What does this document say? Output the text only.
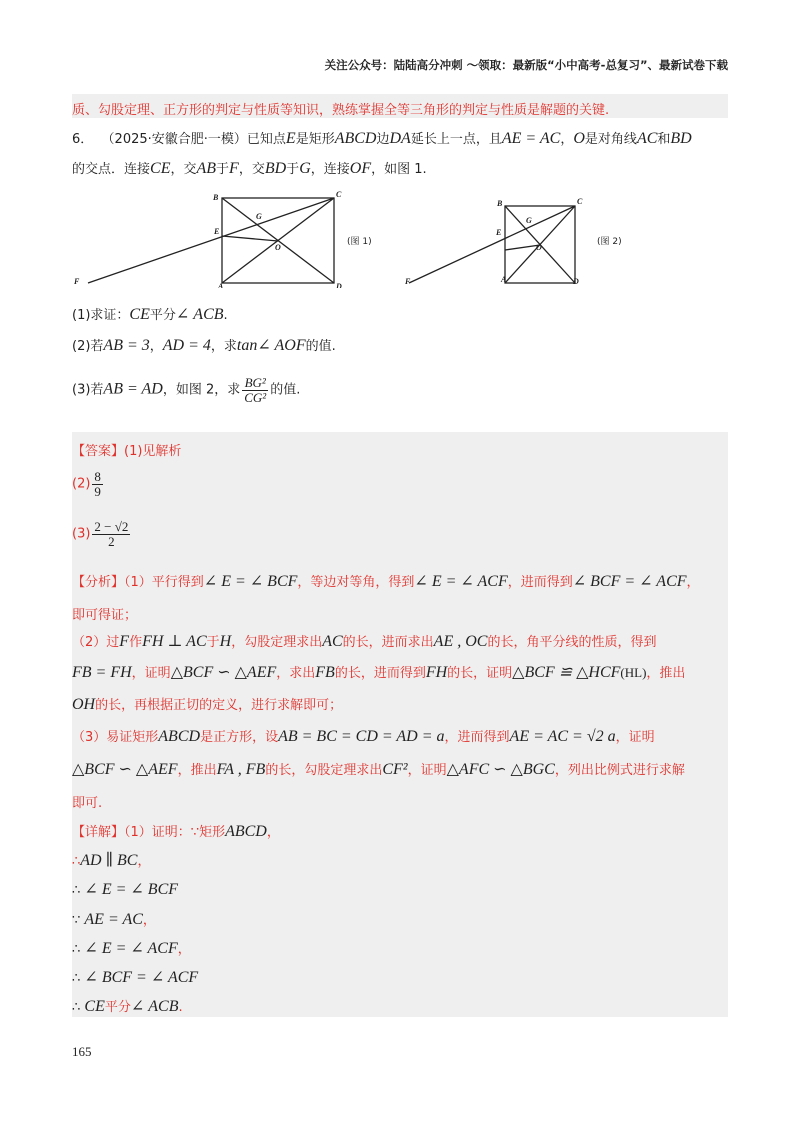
关注公众号：陆陆高分冲刺 〜领取：最新版“小中高考-总复习”、最新试卷下载
质、勾股定理、正方形的判定与性质等知识，熟练掌握全等三角形的判定与性质是解题的关键.
6． （2025·安徽合肥·一模）已知点E是矩形ABCD边DA延长上一点，且AE = AC，O是对角线AC和BD
的交点．连接CE，交AB于F，交BD于G，连接OF，如图 1.
B	C
E
G
O
F
A	D
B	C
E
G
O
F	A	D
(图 1)	(图 2)
(1)求证：CE平分∠ ACB.
(2)若AB = 3，AD = 4，求tan∠ AOF的值.
(3)若AB = AD，如图 2，求 $\frac{\text{BG²}}{\text{CG²}}$ 的值.
【答案】(1)见解析
$(2) \frac{8}{9}$
$(3) \frac{2 - √2}{2}$
【分析】（1）平行得到∠ E = ∠ BCF，等边对等角，得到∠ E = ∠ ACF，进而得到∠ BCF = ∠ ACF，
即可得证；
（2）过F作FH ⊥ AC于H，勾股定理求出AC的长，进而求出AE , OC的长，角平分线的性质，得到
FB = FH，证明△BCF ∽ △AEF，求出FB的长，进而得到FH的长，证明△BCF ≌ △HCF(HL)，推出
OH的长，再根据正切的定义，进行求解即可；
（3）易证矩形ABCD是正方形，设AB = BC = CD = AD = a，进而得到AE = AC = √2 a，证明
△BCF ∽ △AEF，推出FA , FB的长，勾股定理求出CF²，证明△AFC ∽ △BGC，列出比例式进行求解
即可.
【详解】（1）证明：∵矩形ABCD，
∴AD ∥ BC，
∴ ∠ E = ∠ BCF
∵ AE = AC，
∴ ∠ E = ∠ ACF，
∴ ∠ BCF = ∠ ACF
∴ CE平分∠ ACB.
165
